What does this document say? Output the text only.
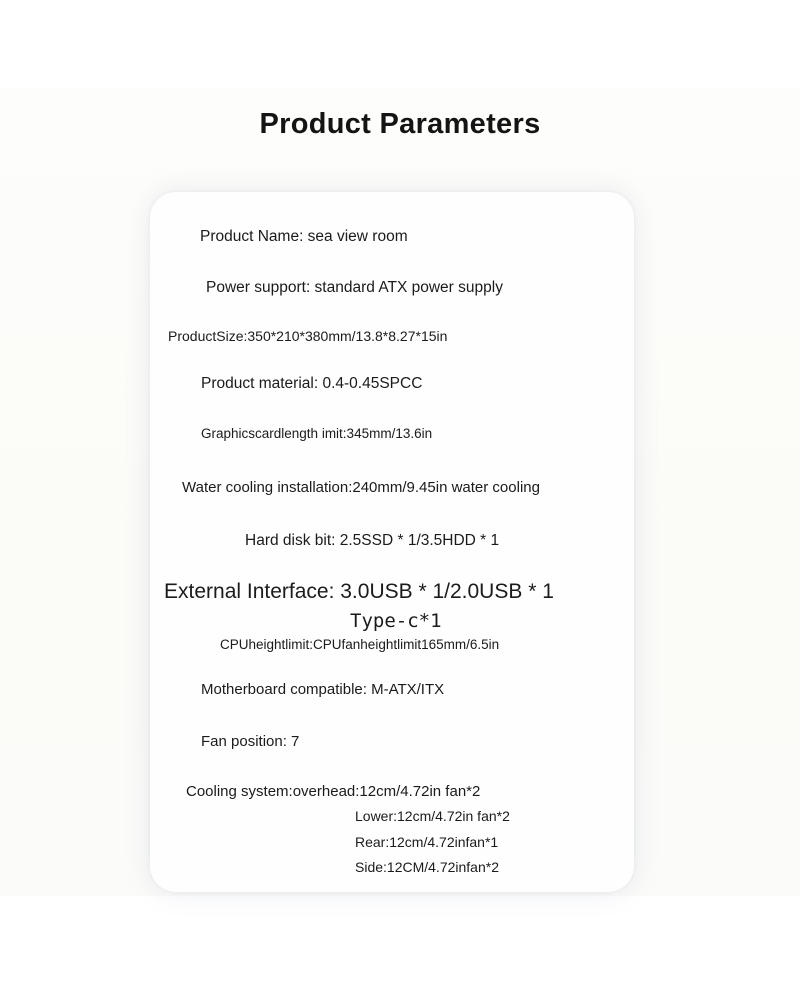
Product Parameters
Product Name: sea view room
Power support: standard ATX power supply
ProductSize:350*210*380mm/13.8*8.27*15in
Product material: 0.4-0.45SPCC
Graphicscardlength imit:345mm/13.6in
Water cooling installation:240mm/9.45in water cooling
Hard disk bit: 2.5SSD * 1/3.5HDD * 1
External Interface: 3.0USB * 1/2.0USB * 1
Type-c*1
CPUheightlimit:CPUfanheightlimit165mm/6.5in
Motherboard compatible: M-ATX/ITX
Fan position: 7
Cooling system:overhead:12cm/4.72in fan*2
Lower:12cm/4.72in fan*2
Rear:12cm/4.72infan*1
Side:12CM/4.72infan*2
